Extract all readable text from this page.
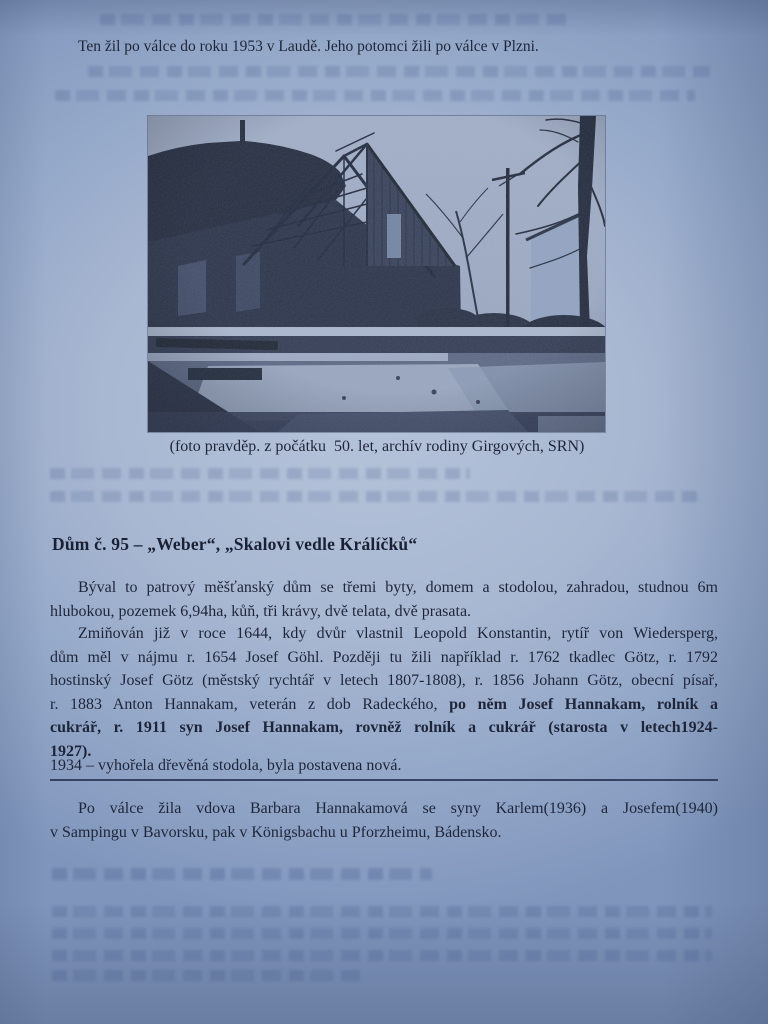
Ten žil po válce do roku 1953 v Laudě. Jeho potomci žili po válce v Plzni.
(foto pravděp. z počátku  50. let, archív rodiny Girgových, SRN)
Dům č. 95 – „Weber“, „Skalovi vedle Králíčků“
Býval to patrový měšťanský dům se třemi byty, domem a stodolou, zahradou, studnou 6m
hlubokou, pozemek 6,94ha, kůň, tři krávy, dvě telata, dvě prasata.
Zmiňován již v roce 1644, kdy dvůr vlastnil Leopold Konstantin, rytíř von Wiedersperg,
dům měl v nájmu r. 1654 Josef Göhl. Později tu žili například r. 1762 tkadlec Götz, r. 1792
hostinský Josef Götz (městský rychtář v letech 1807-1808), r. 1856 Johann Götz, obecní písař,
r. 1883 Anton Hannakam, veterán z dob Radeckého, po něm Josef Hannakam, rolník a
cukrář, r. 1911 syn Josef Hannakam, rovněž rolník a cukrář (starosta v letech1924-
1927).
1934 – vyhořela dřevěná stodola, byla postavena nová.
Po válce žila vdova Barbara Hannakamová se syny Karlem(1936) a Josefem(1940)
v Sampingu v Bavorsku, pak v Königsbachu u Pforzheimu, Bádensko.
